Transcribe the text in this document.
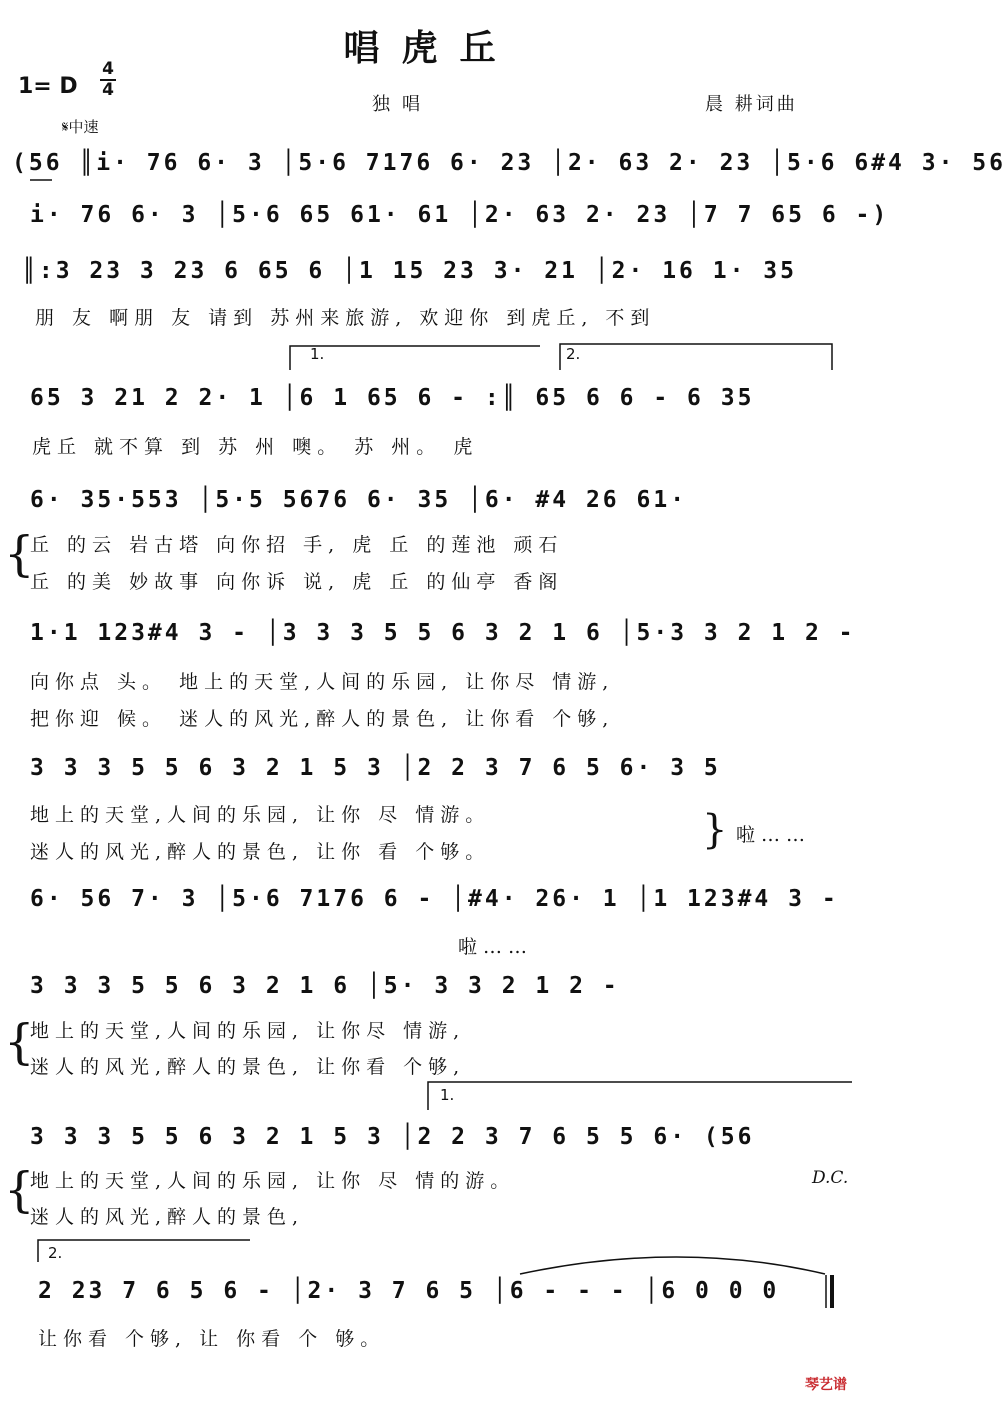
唱虎丘
1= D
4
4
独唱	晨 耕词曲
𝄋中速
(56 ║i· 76 6· 3 │5·6 7176 6· 23 │2· 63 2· 23 │5·6 6#4 3· 56
i· 76 6· 3 │5·6 65 61· 61 │2· 63 2· 23 │7 7 65 6 -)
║:3 23 3 23 6 65 6 │1 15 23 3· 21 │2· 16 1· 35
朋 友 啊朋 友 请到 苏州来旅游, 欢迎你 到虎丘, 不到
1.	2.
65 3 21 2 2· 1 │6 1 65 6 - :║ 65 6 6 - 6 35
虎丘 就不算 到 苏 州 噢。 苏 州。 虎
6· 35·553 │5·5 5676 6· 35 │6· #4 26 61·
{
丘 的云 岩古塔 向你招 手, 虎 丘 的莲池 顽石
丘 的美 妙故事 向你诉 说, 虎 丘 的仙亭 香阁
1·1 123#4 3 - │3 3 3 5 5 6 3 2 1 6 │5·3 3 2 1 2 -
向你点 头。 地上的天堂,人间的乐园, 让你尽 情游,
把你迎 候。 迷人的风光,醉人的景色, 让你看 个够,
3 3 3 5 5 6 3 2 1 5 3 │2 2 3 7 6 5 6· 3 5
地上的天堂,人间的乐园, 让你 尽 情游。
迷人的风光,醉人的景色, 让你 看 个够。	} 啦……
6· 56 7· 3 │5·6 7176 6 - │#4· 26· 1 │1 123#4 3 -
啦……
3 3 3 5 5 6 3 2 1 6 │5· 3 3 2 1 2 -
{
地上的天堂,人间的乐园, 让你尽 情游,
迷人的风光,醉人的景色, 让你看 个够,
1.
3 3 3 5 5 6 3 2 1 5 3 │2 2 3 7 6 5 5 6· (56
{
地上的天堂,人间的乐园, 让你 尽 情的游。
迷人的风光,醉人的景色,
D.C.
2.
2 23 7 6 5 6 - │2· 3 7 6 5 │6 - - - │6 0 0 0
让你看 个够, 让 你看 个 够。
琴艺谱
